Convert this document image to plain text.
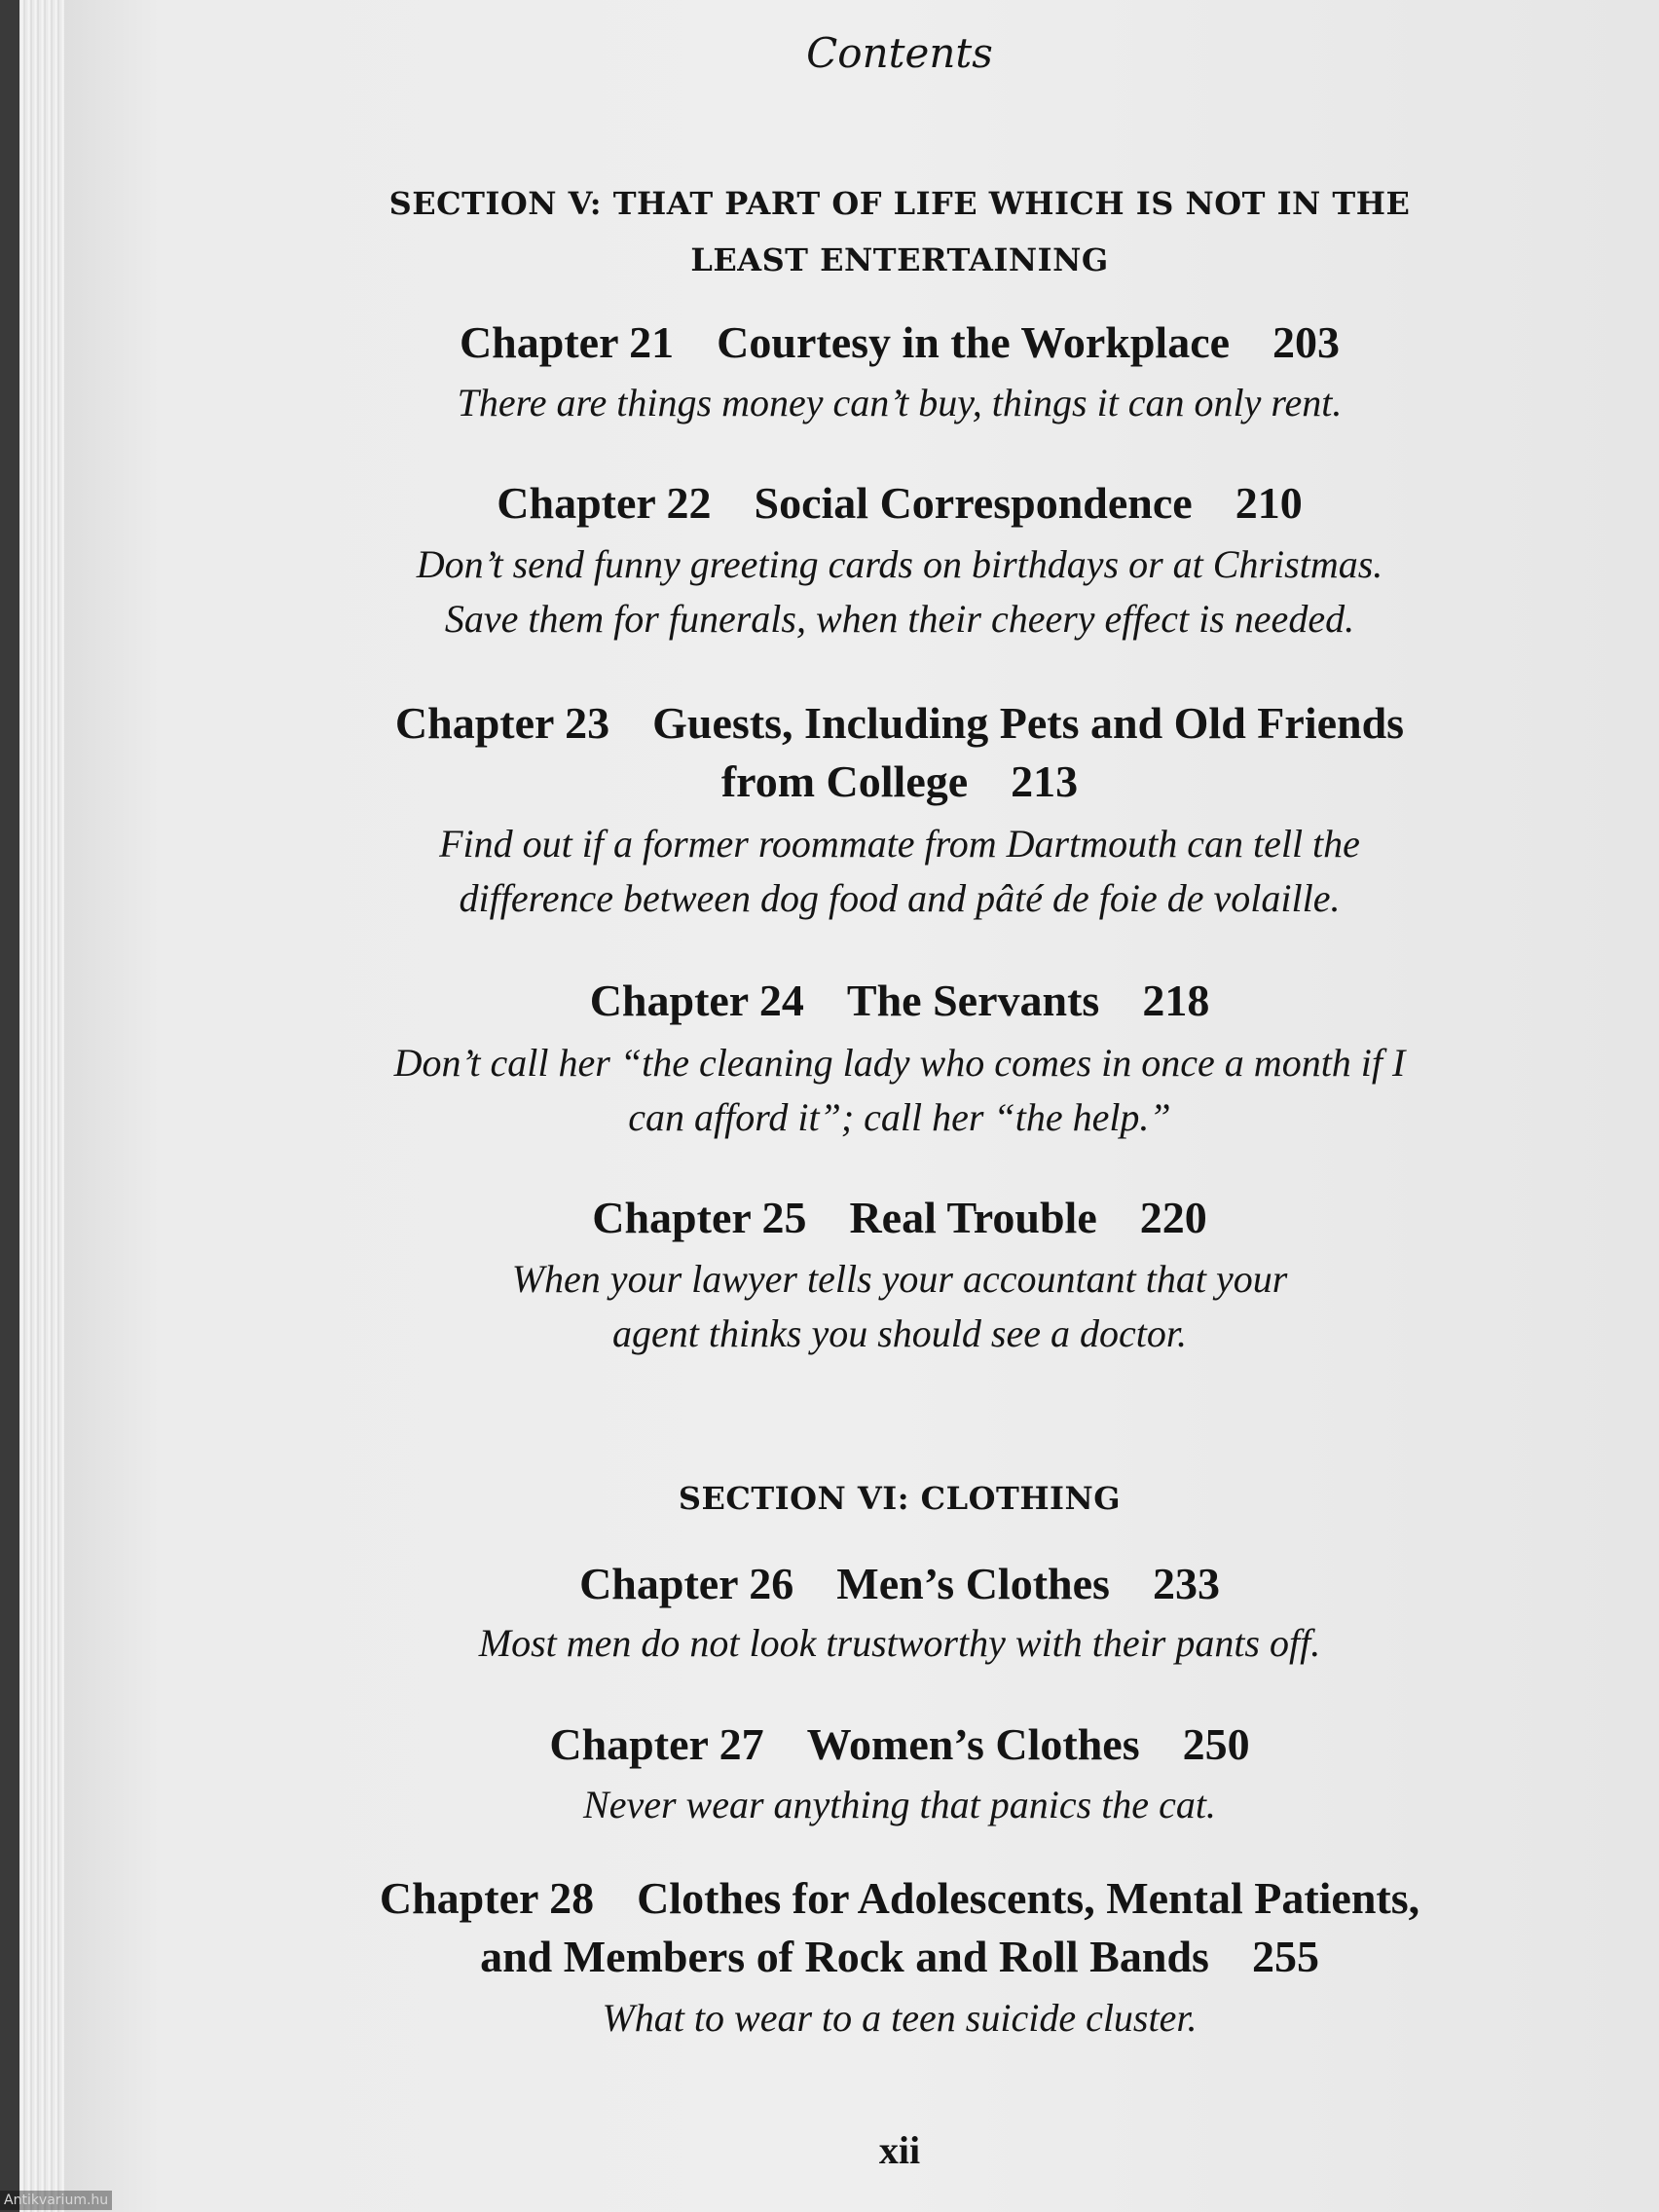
Contents
SECTION V: THAT PART OF LIFE WHICH IS NOT IN THE
LEAST ENTERTAINING
Chapter 21 Courtesy in the Workplace 203
There are things money can’t buy, things it can only rent.
Chapter 22 Social Correspondence 210
Don’t send funny greeting cards on birthdays or at Christmas.
Save them for funerals, when their cheery effect is needed.
Chapter 23 Guests, Including Pets and Old Friends
from College 213
Find out if a former roommate from Dartmouth can tell the
difference between dog food and pâté de foie de volaille.
Chapter 24 The Servants 218
Don’t call her “the cleaning lady who comes in once a month if I
can afford it”; call her “the help.”
Chapter 25 Real Trouble 220
When your lawyer tells your accountant that your
agent thinks you should see a doctor.
SECTION VI: CLOTHING
Chapter 26 Men’s Clothes 233
Most men do not look trustworthy with their pants off.
Chapter 27 Women’s Clothes 250
Never wear anything that panics the cat.
Chapter 28 Clothes for Adolescents, Mental Patients,
and Members of Rock and Roll Bands 255
What to wear to a teen suicide cluster.
xii
Antikvarium.hu
